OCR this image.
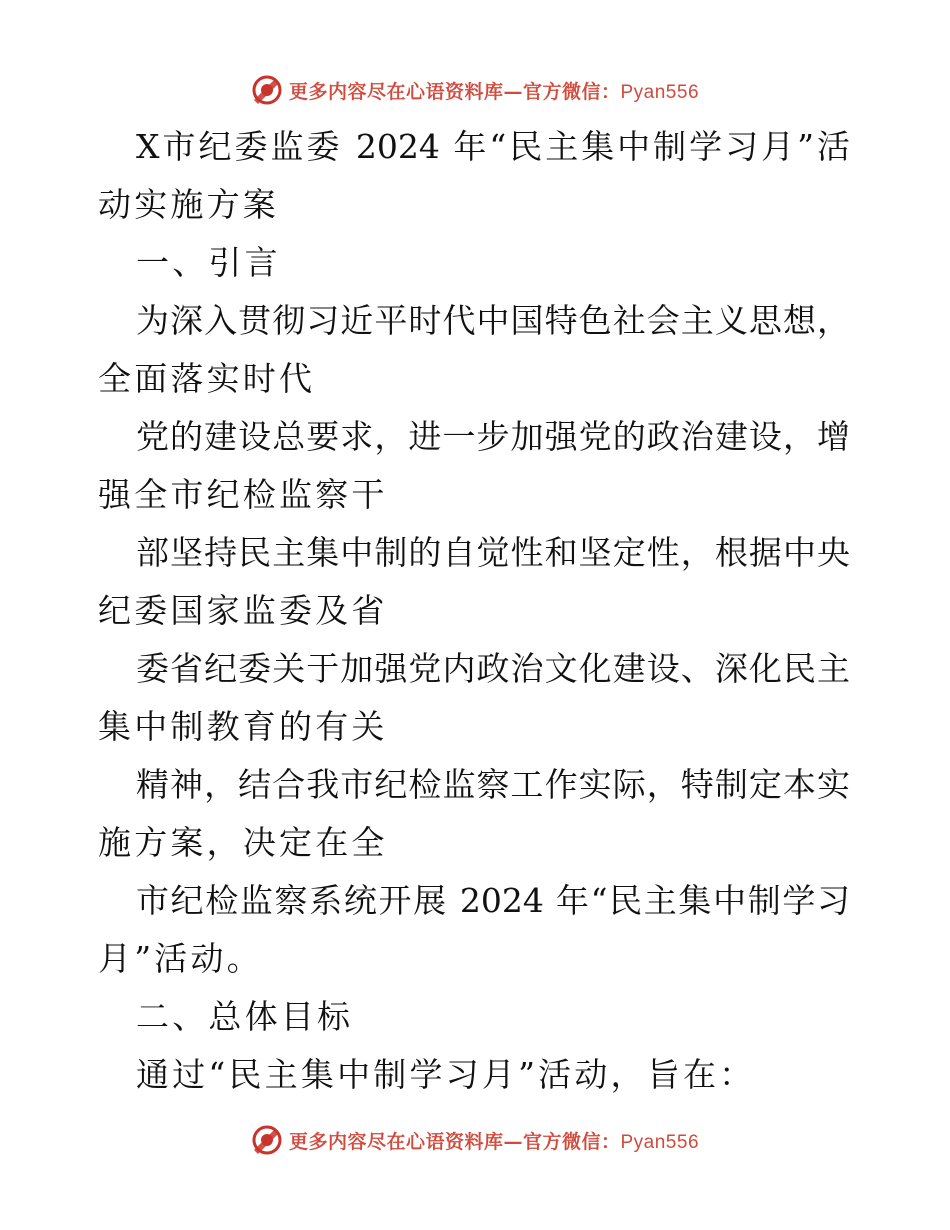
更多内容尽在心语资料库—官方微信：Pyan556
X市纪委监委 2024 年“民主集中制学习月”活
动实施方案
一、引言
为深入贯彻习近平时代中国特色社会主义思想，
全面落实时代
党的建设总要求，进一步加强党的政治建设，增
强全市纪检监察干
部坚持民主集中制的自觉性和坚定性，根据中央
纪委国家监委及省
委省纪委关于加强党内政治文化建设、深化民主
集中制教育的有关
精神，结合我市纪检监察工作实际，特制定本实
施方案，决定在全
市纪检监察系统开展 2024 年“民主集中制学习
月”活动。
二、总体目标
通过“民主集中制学习月”活动，旨在：
更多内容尽在心语资料库—官方微信：Pyan556
